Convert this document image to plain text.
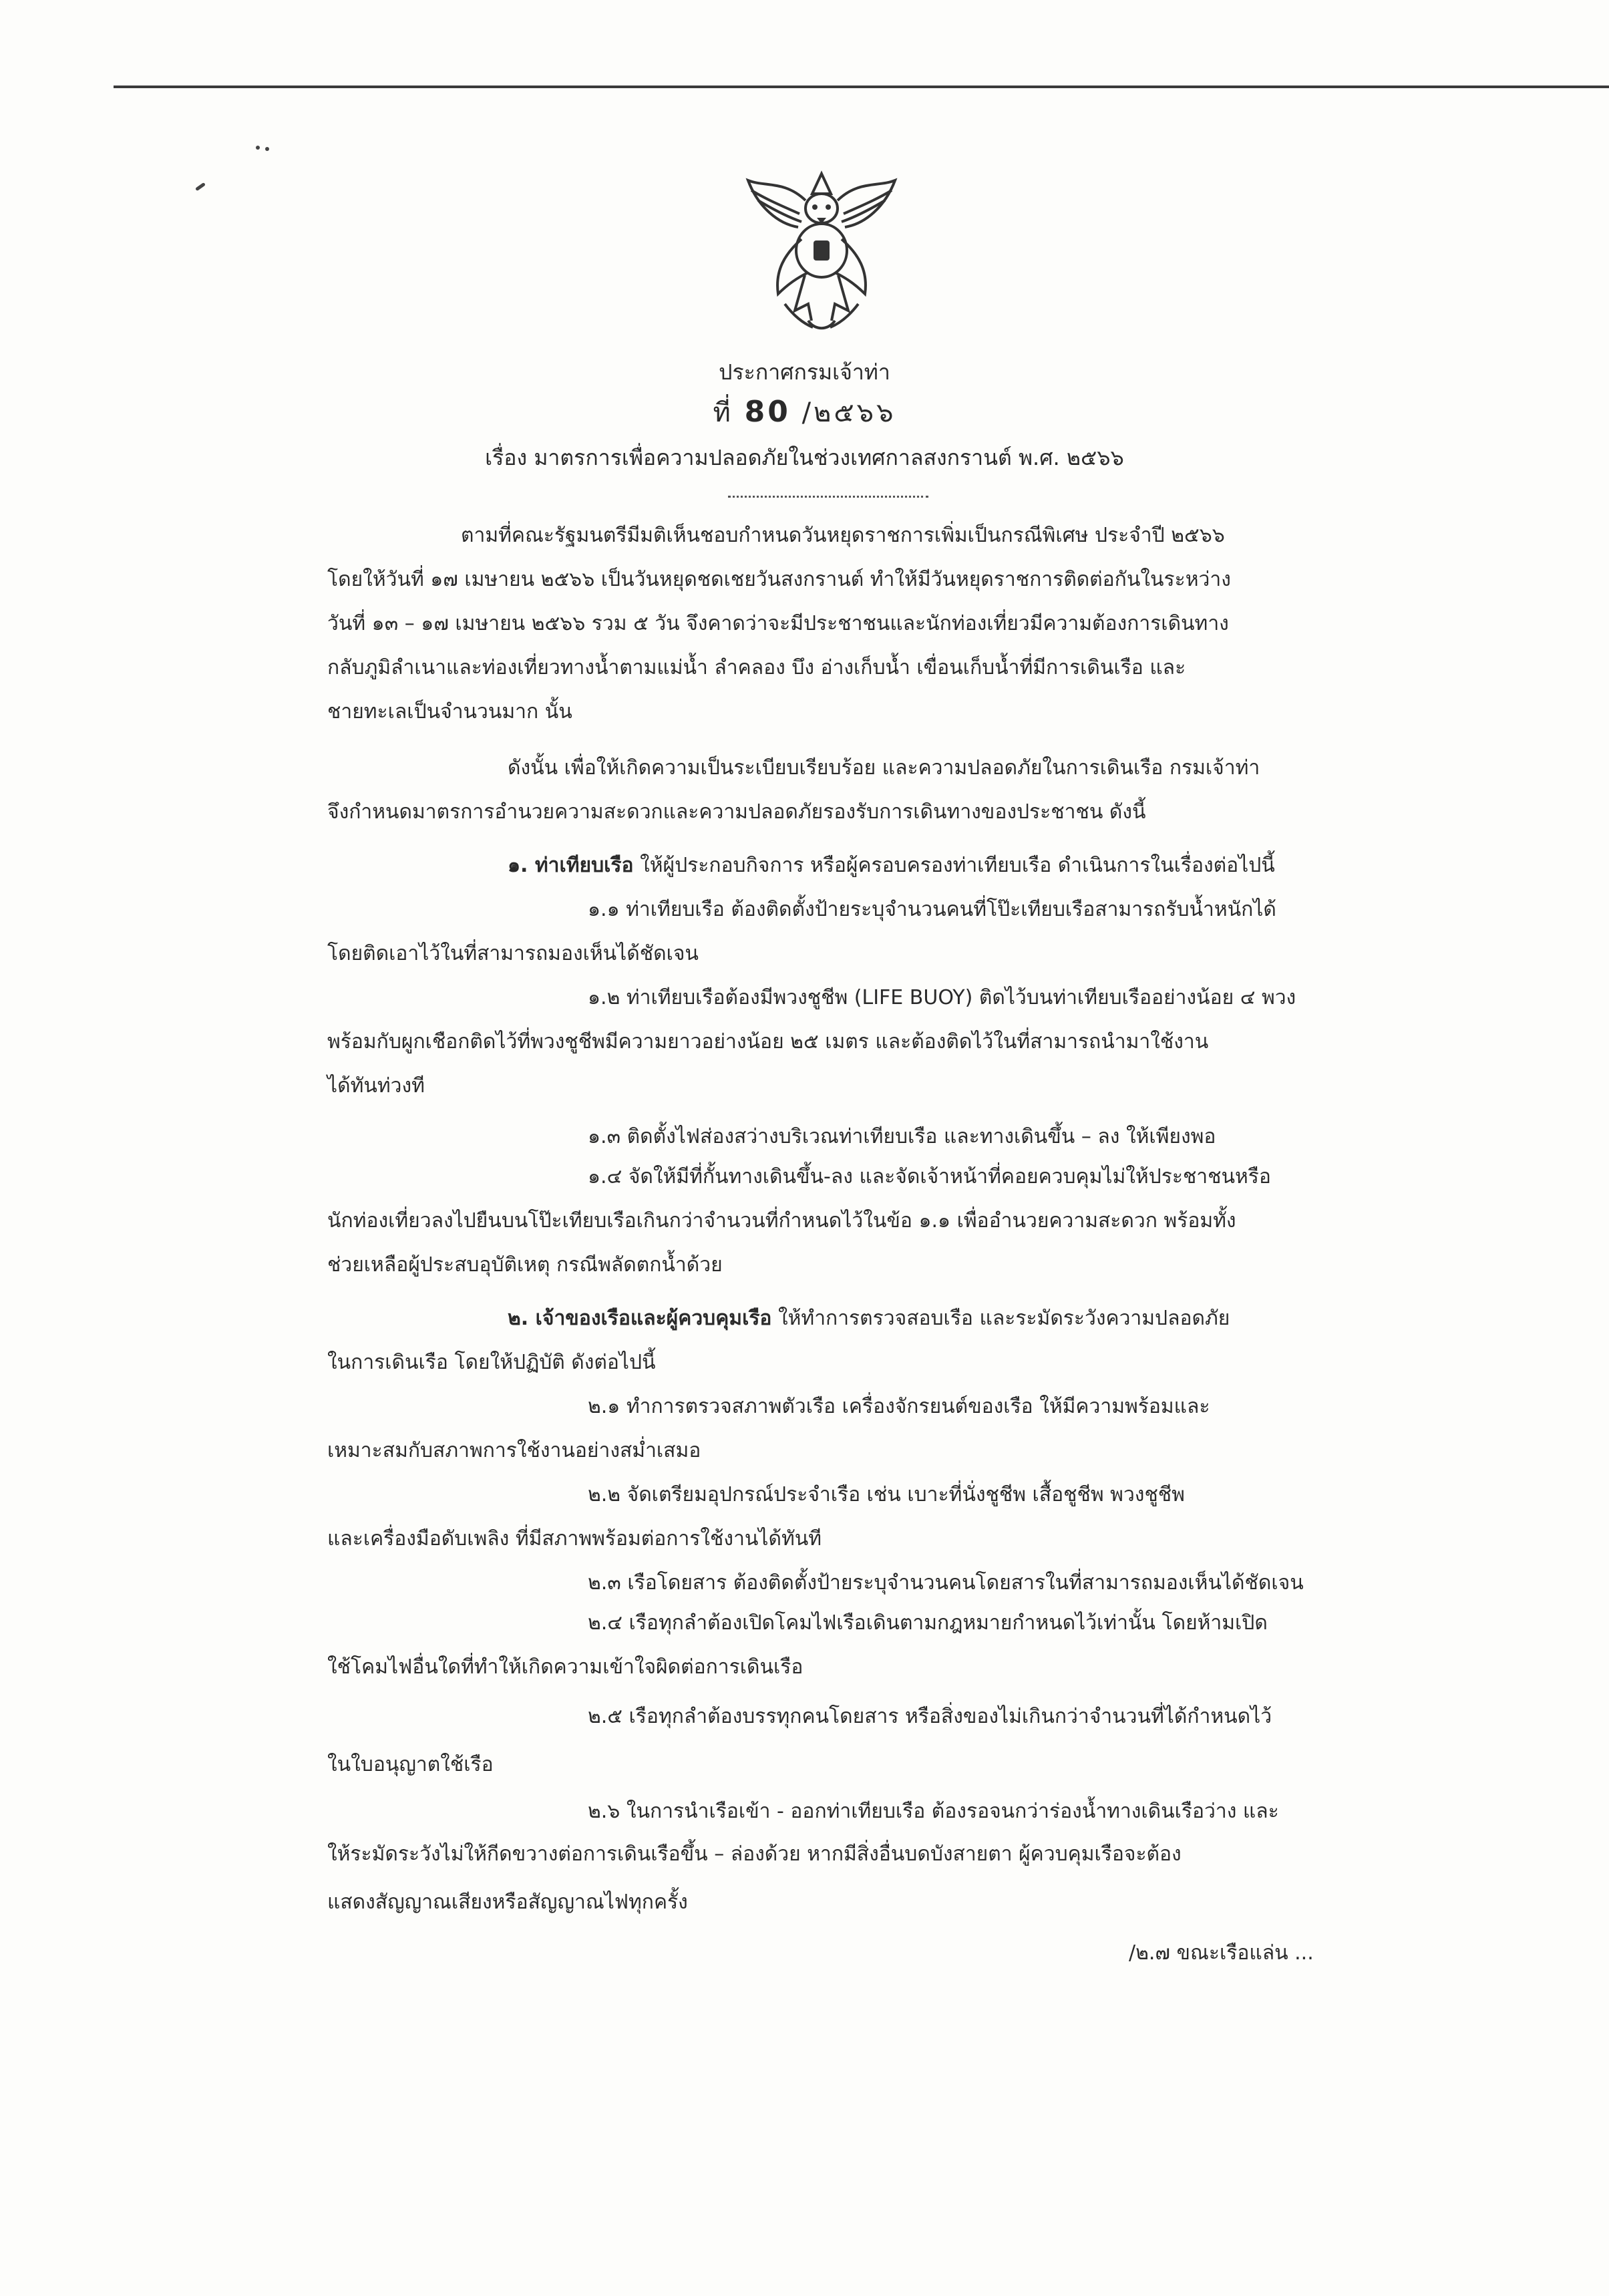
ประกาศกรมเจ้าท่า
ที่ 80 /๒๕๖๖
เรื่อง มาตรการเพื่อความปลอดภัยในช่วงเทศกาลสงกรานต์ พ.ศ. ๒๕๖๖
ตามที่คณะรัฐมนตรีมีมติเห็นชอบกำหนดวันหยุดราชการเพิ่มเป็นกรณีพิเศษ ประจำปี ๒๕๖๖
โดยให้วันที่ ๑๗ เมษายน ๒๕๖๖ เป็นวันหยุดชดเชยวันสงกรานต์ ทำให้มีวันหยุดราชการติดต่อกันในระหว่าง
วันที่ ๑๓ – ๑๗ เมษายน ๒๕๖๖ รวม ๕ วัน จึงคาดว่าจะมีประชาชนและนักท่องเที่ยวมีความต้องการเดินทาง
กลับภูมิลำเนาและท่องเที่ยวทางน้ำตามแม่น้ำ ลำคลอง บึง อ่างเก็บน้ำ เขื่อนเก็บน้ำที่มีการเดินเรือ และ
ชายทะเลเป็นจำนวนมาก นั้น
ดังนั้น เพื่อให้เกิดความเป็นระเบียบเรียบร้อย และความปลอดภัยในการเดินเรือ กรมเจ้าท่า
จึงกำหนดมาตรการอำนวยความสะดวกและความปลอดภัยรองรับการเดินทางของประชาชน ดังนี้
๑. ท่าเทียบเรือ ให้ผู้ประกอบกิจการ หรือผู้ครอบครองท่าเทียบเรือ ดำเนินการในเรื่องต่อไปนี้
๑.๑ ท่าเทียบเรือ ต้องติดตั้งป้ายระบุจำนวนคนที่โป๊ะเทียบเรือสามารถรับน้ำหนักได้
โดยติดเอาไว้ในที่สามารถมองเห็นได้ชัดเจน
๑.๒ ท่าเทียบเรือต้องมีพวงชูชีพ (LIFE BUOY) ติดไว้บนท่าเทียบเรืออย่างน้อย ๔ พวง
พร้อมกับผูกเชือกติดไว้ที่พวงชูชีพมีความยาวอย่างน้อย ๒๕ เมตร และต้องติดไว้ในที่สามารถนำมาใช้งาน
ได้ทันท่วงที
๑.๓ ติดตั้งไฟส่องสว่างบริเวณท่าเทียบเรือ และทางเดินขึ้น – ลง ให้เพียงพอ
๑.๔ จัดให้มีที่กั้นทางเดินขึ้น-ลง และจัดเจ้าหน้าที่คอยควบคุมไม่ให้ประชาชนหรือ
นักท่องเที่ยวลงไปยืนบนโป๊ะเทียบเรือเกินกว่าจำนวนที่กำหนดไว้ในข้อ ๑.๑ เพื่ออำนวยความสะดวก พร้อมทั้ง
ช่วยเหลือผู้ประสบอุบัติเหตุ กรณีพลัดตกน้ำด้วย
๒. เจ้าของเรือและผู้ควบคุมเรือ ให้ทำการตรวจสอบเรือ และระมัดระวังความปลอดภัย
ในการเดินเรือ โดยให้ปฏิบัติ ดังต่อไปนี้
๒.๑ ทำการตรวจสภาพตัวเรือ เครื่องจักรยนต์ของเรือ ให้มีความพร้อมและ
เหมาะสมกับสภาพการใช้งานอย่างสม่ำเสมอ
๒.๒ จัดเตรียมอุปกรณ์ประจำเรือ เช่น เบาะที่นั่งชูชีพ เสื้อชูชีพ พวงชูชีพ
และเครื่องมือดับเพลิง ที่มีสภาพพร้อมต่อการใช้งานได้ทันที
๒.๓ เรือโดยสาร ต้องติดตั้งป้ายระบุจำนวนคนโดยสารในที่สามารถมองเห็นได้ชัดเจน
๒.๔ เรือทุกลำต้องเปิดโคมไฟเรือเดินตามกฎหมายกำหนดไว้เท่านั้น โดยห้ามเปิด
ใช้โคมไฟอื่นใดที่ทำให้เกิดความเข้าใจผิดต่อการเดินเรือ
๒.๕ เรือทุกลำต้องบรรทุกคนโดยสาร หรือสิ่งของไม่เกินกว่าจำนวนที่ได้กำหนดไว้
ในใบอนุญาตใช้เรือ
๒.๖ ในการนำเรือเข้า - ออกท่าเทียบเรือ ต้องรอจนกว่าร่องน้ำทางเดินเรือว่าง และ
ให้ระมัดระวังไม่ให้กีดขวางต่อการเดินเรือขึ้น – ล่องด้วย หากมีสิ่งอื่นบดบังสายตา ผู้ควบคุมเรือจะต้อง
แสดงสัญญาณเสียงหรือสัญญาณไฟทุกครั้ง
/๒.๗ ขณะเรือแล่น ...
